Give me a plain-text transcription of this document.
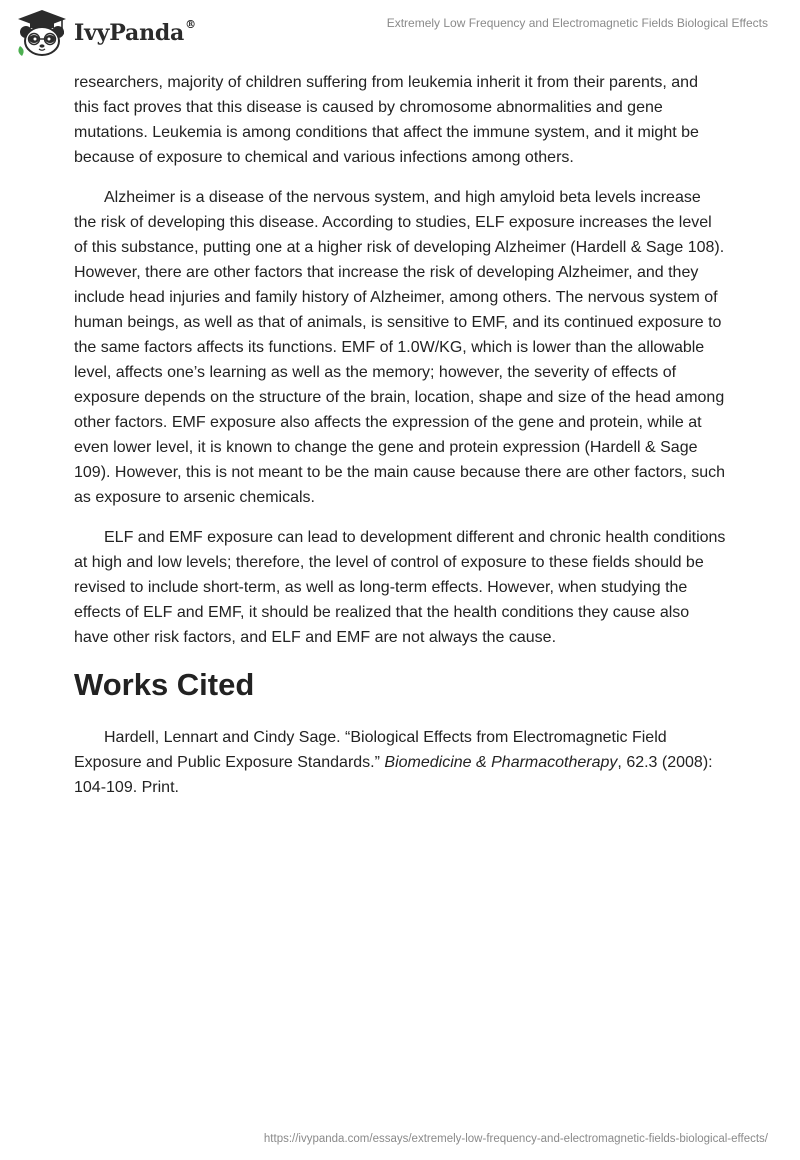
IvyPanda®	Extremely Low Frequency and Electromagnetic Fields Biological Effects

researchers, majority of children suffering from leukemia inherit it from their parents, and this fact proves that this disease is caused by chromosome abnormalities and gene mutations. Leukemia is among conditions that affect the immune system, and it might be because of exposure to chemical and various infections among others.

Alzheimer is a disease of the nervous system, and high amyloid beta levels increase the risk of developing this disease. According to studies, ELF exposure increases the level of this substance, putting one at a higher risk of developing Alzheimer (Hardell & Sage 108). However, there are other factors that increase the risk of developing Alzheimer, and they include head injuries and family history of Alzheimer, among others. The nervous system of human beings, as well as that of animals, is sensitive to EMF, and its continued exposure to the same factors affects its functions. EMF of 1.0W/KG, which is lower than the allowable level, affects one’s learning as well as the memory; however, the severity of effects of exposure depends on the structure of the brain, location, shape and size of the head among other factors. EMF exposure also affects the expression of the gene and protein, while at even lower level, it is known to change the gene and protein expression (Hardell & Sage 109). However, this is not meant to be the main cause because there are other factors, such as exposure to arsenic chemicals.

ELF and EMF exposure can lead to development different and chronic health conditions at high and low levels; therefore, the level of control of exposure to these fields should be revised to include short-term, as well as long-term effects. However, when studying the effects of ELF and EMF, it should be realized that the health conditions they cause also have other risk factors, and ELF and EMF are not always the cause.

Works Cited

Hardell, Lennart and Cindy Sage. “Biological Effects from Electromagnetic Field Exposure and Public Exposure Standards.” Biomedicine & Pharmacotherapy, 62.3 (2008): 104-109. Print.

https://ivypanda.com/essays/extremely-low-frequency-and-electromagnetic-fields-biological-effects/
